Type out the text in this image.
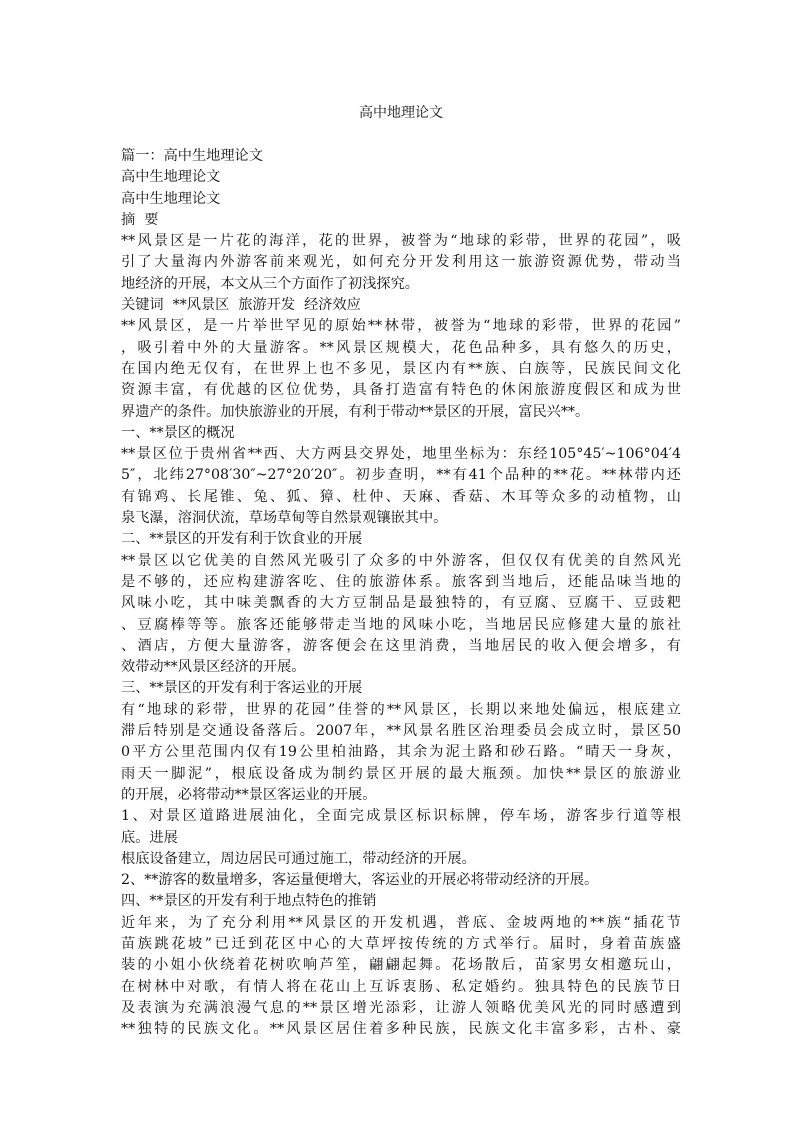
高中地理论文

篇一：高中生地理论文

高中生地理论文

高中生地理论文

摘  要

**风景区是一片花的海洋，花的世界，被誉为“地球的彩带，世界的花园”，吸

引了大量海内外游客前来观光，如何充分开发利用这一旅游资源优势，带动当

地经济的开展，本文从三个方面作了初浅探究。

关键词  **风景区  旅游开发  经济效应

**风景区，是一片举世罕见的原始**林带，被誉为“地球的彩带，世界的花园”

，吸引着中外的大量游客。**风景区规模大，花色品种多，具有悠久的历史，

在国内绝无仅有，在世界上也不多见，景区内有**族、白族等，民族民间文化

资源丰富，有优越的区位优势，具备打造富有特色的休闲旅游度假区和成为世

界遗产的条件。加快旅游业的开展，有利于带动**景区的开展，富民兴**。

一、**景区的概况

**景区位于贵州省**西、大方两县交界处，地里坐标为：东经105°45′~106°04′4

5″，北纬27°08′30″~27°20′20″。初步查明，**有41个品种的**花。**林带内还

有锦鸡、长尾锥、兔、狐、獐、杜仲、天麻、香菇、木耳等众多的动植物，山

泉飞瀑，溶洞伏流，草场草甸等自然景观镶嵌其中。

二、**景区的开发有利于饮食业的开展

**景区以它优美的自然风光吸引了众多的中外游客，但仅仅有优美的自然风光

是不够的，还应构建游客吃、住的旅游体系。旅客到当地后，还能品味当地的

风味小吃，其中味美飘香的大方豆制品是最独特的，有豆腐、豆腐干、豆豉粑

、豆腐棒等等。旅客还能够带走当地的风味小吃，当地居民应修建大量的旅社

、酒店，方便大量游客，游客便会在这里消费，当地居民的收入便会增多，有

效带动**风景区经济的开展。

三、**景区的开发有利于客运业的开展

有“地球的彩带，世界的花园”佳誉的**风景区，长期以来地处偏远，根底建立

滞后特别是交通设备落后。2007年，**风景名胜区治理委员会成立时，景区50

0平方公里范围内仅有19公里柏油路，其余为泥土路和砂石路。“晴天一身灰，

雨天一脚泥”，根底设备成为制约景区开展的最大瓶颈。加快**景区的旅游业

的开展，必将带动**景区客运业的开展。

1、对景区道路进展油化，全面完成景区标识标牌，停车场，游客步行道等根

底。进展

根底设备建立，周边居民可通过施工，带动经济的开展。

2、**游客的数量增多，客运量便增大，客运业的开展必将带动经济的开展。

四、**景区的开发有利于地点特色的推销

近年来，为了充分利用**风景区的开发机遇，普底、金坡两地的**族“插花节

苗族跳花坡”已迁到花区中心的大草坪按传统的方式举行。届时，身着苗族盛

装的小姐小伙绕着花树吹响芦笙，翩翩起舞。花场散后，苗家男女相邀玩山，

在树林中对歌，有情人将在花山上互诉衷肠、私定婚约。独具特色的民族节日

及表演为充满浪漫气息的**景区增光添彩，让游人领略优美风光的同时感遭到

**独特的民族文化。**风景区居住着多种民族，民族文化丰富多彩，古朴、豪
